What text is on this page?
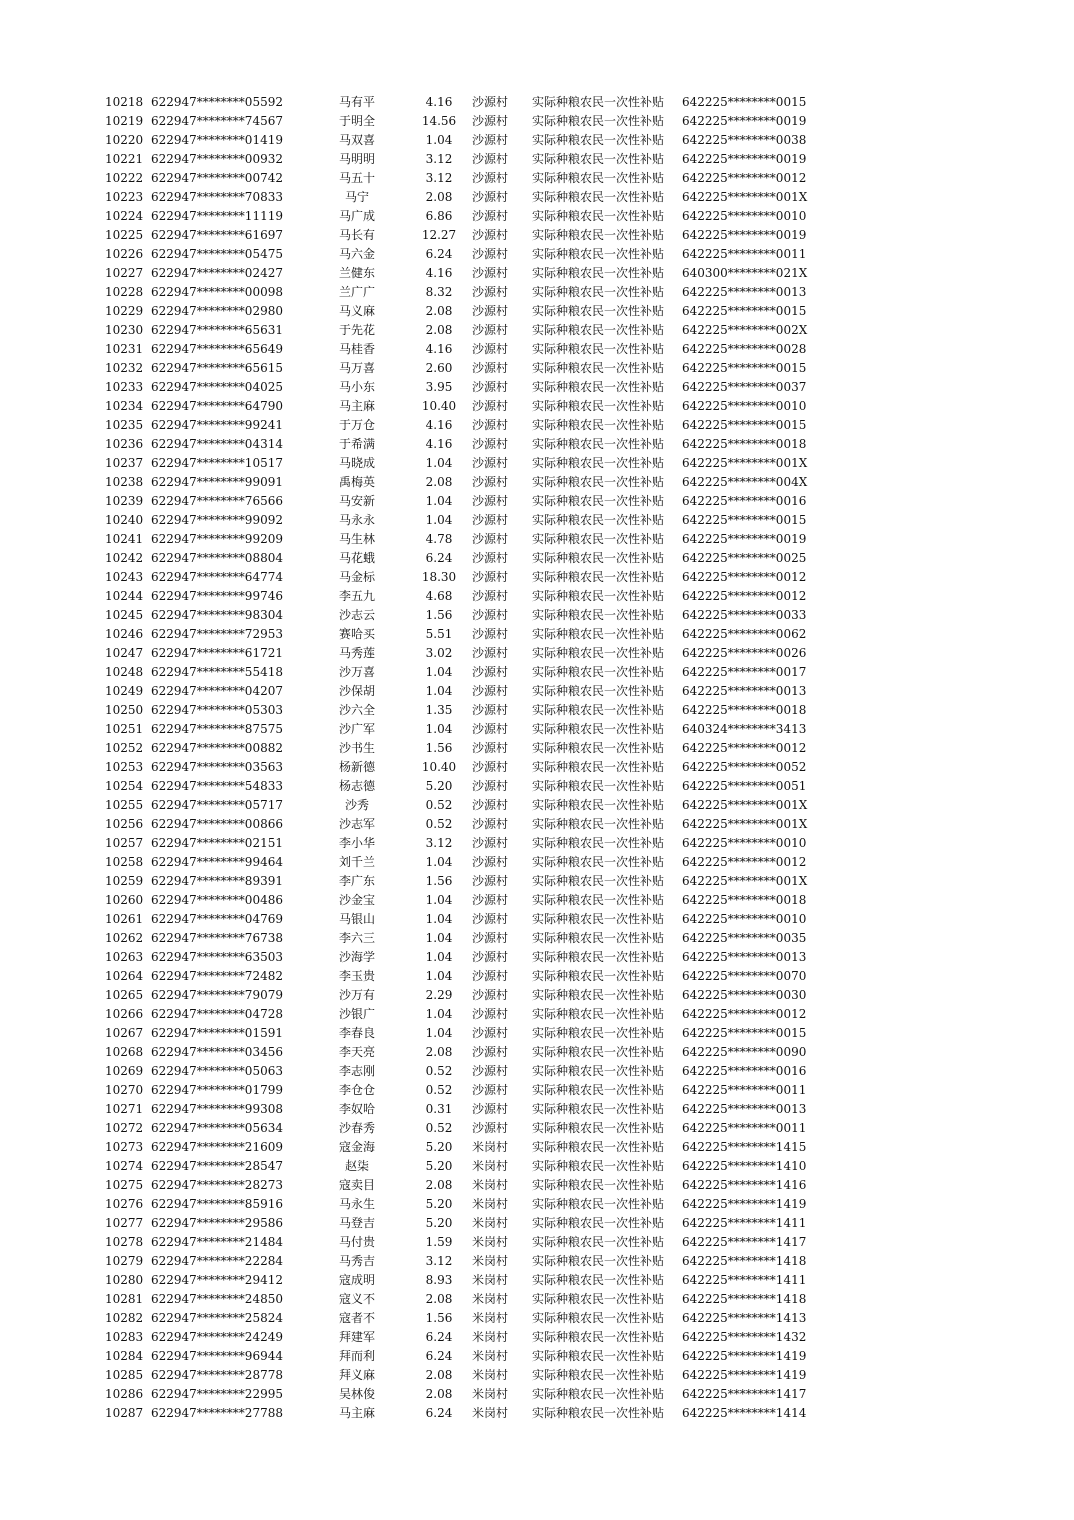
10218	622947********05592	马有平	4.16	沙源村	实际种粮农民一次性补贴	642225********0015
10219	622947********74567	于明全	14.56	沙源村	实际种粮农民一次性补贴	642225********0019
10220	622947********01419	马双喜	1.04	沙源村	实际种粮农民一次性补贴	642225********0038
10221	622947********00932	马明明	3.12	沙源村	实际种粮农民一次性补贴	642225********0019
10222	622947********00742	马五十	3.12	沙源村	实际种粮农民一次性补贴	642225********0012
10223	622947********70833	马宁	2.08	沙源村	实际种粮农民一次性补贴	642225********001X
10224	622947********11119	马广成	6.86	沙源村	实际种粮农民一次性补贴	642225********0010
10225	622947********61697	马长有	12.27	沙源村	实际种粮农民一次性补贴	642225********0019
10226	622947********05475	马六金	6.24	沙源村	实际种粮农民一次性补贴	642225********0011
10227	622947********02427	兰健东	4.16	沙源村	实际种粮农民一次性补贴	640300********021X
10228	622947********00098	兰广广	8.32	沙源村	实际种粮农民一次性补贴	642225********0013
10229	622947********02980	马义麻	2.08	沙源村	实际种粮农民一次性补贴	642225********0015
10230	622947********65631	于先花	2.08	沙源村	实际种粮农民一次性补贴	642225********002X
10231	622947********65649	马桂香	4.16	沙源村	实际种粮农民一次性补贴	642225********0028
10232	622947********65615	马万喜	2.60	沙源村	实际种粮农民一次性补贴	642225********0015
10233	622947********04025	马小东	3.95	沙源村	实际种粮农民一次性补贴	642225********0037
10234	622947********64790	马主麻	10.40	沙源村	实际种粮农民一次性补贴	642225********0010
10235	622947********99241	于万仓	4.16	沙源村	实际种粮农民一次性补贴	642225********0015
10236	622947********04314	于希满	4.16	沙源村	实际种粮农民一次性补贴	642225********0018
10237	622947********10517	马晓成	1.04	沙源村	实际种粮农民一次性补贴	642225********001X
10238	622947********99091	禹梅英	2.08	沙源村	实际种粮农民一次性补贴	642225********004X
10239	622947********76566	马安新	1.04	沙源村	实际种粮农民一次性补贴	642225********0016
10240	622947********99092	马永永	1.04	沙源村	实际种粮农民一次性补贴	642225********0015
10241	622947********99209	马生林	4.78	沙源村	实际种粮农民一次性补贴	642225********0019
10242	622947********08804	马花蛾	6.24	沙源村	实际种粮农民一次性补贴	642225********0025
10243	622947********64774	马金标	18.30	沙源村	实际种粮农民一次性补贴	642225********0012
10244	622947********99746	李五九	4.68	沙源村	实际种粮农民一次性补贴	642225********0012
10245	622947********98304	沙志云	1.56	沙源村	实际种粮农民一次性补贴	642225********0033
10246	622947********72953	赛哈买	5.51	沙源村	实际种粮农民一次性补贴	642225********0062
10247	622947********61721	马秀莲	3.02	沙源村	实际种粮农民一次性补贴	642225********0026
10248	622947********55418	沙万喜	1.04	沙源村	实际种粮农民一次性补贴	642225********0017
10249	622947********04207	沙保胡	1.04	沙源村	实际种粮农民一次性补贴	642225********0013
10250	622947********05303	沙六全	1.35	沙源村	实际种粮农民一次性补贴	642225********0018
10251	622947********87575	沙广军	1.04	沙源村	实际种粮农民一次性补贴	640324********3413
10252	622947********00882	沙书生	1.56	沙源村	实际种粮农民一次性补贴	642225********0012
10253	622947********03563	杨新德	10.40	沙源村	实际种粮农民一次性补贴	642225********0052
10254	622947********54833	杨志德	5.20	沙源村	实际种粮农民一次性补贴	642225********0051
10255	622947********05717	沙秀	0.52	沙源村	实际种粮农民一次性补贴	642225********001X
10256	622947********00866	沙志军	0.52	沙源村	实际种粮农民一次性补贴	642225********001X
10257	622947********02151	李小华	3.12	沙源村	实际种粮农民一次性补贴	642225********0010
10258	622947********99464	刘千兰	1.04	沙源村	实际种粮农民一次性补贴	642225********0012
10259	622947********89391	李广东	1.56	沙源村	实际种粮农民一次性补贴	642225********001X
10260	622947********00486	沙金宝	1.04	沙源村	实际种粮农民一次性补贴	642225********0018
10261	622947********04769	马银山	1.04	沙源村	实际种粮农民一次性补贴	642225********0010
10262	622947********76738	李六三	1.04	沙源村	实际种粮农民一次性补贴	642225********0035
10263	622947********63503	沙海学	1.04	沙源村	实际种粮农民一次性补贴	642225********0013
10264	622947********72482	李玉贵	1.04	沙源村	实际种粮农民一次性补贴	642225********0070
10265	622947********79079	沙万有	2.29	沙源村	实际种粮农民一次性补贴	642225********0030
10266	622947********04728	沙银广	1.04	沙源村	实际种粮农民一次性补贴	642225********0012
10267	622947********01591	李春良	1.04	沙源村	实际种粮农民一次性补贴	642225********0015
10268	622947********03456	李天亮	2.08	沙源村	实际种粮农民一次性补贴	642225********0090
10269	622947********05063	李志刚	0.52	沙源村	实际种粮农民一次性补贴	642225********0016
10270	622947********01799	李仓仓	0.52	沙源村	实际种粮农民一次性补贴	642225********0011
10271	622947********99308	李奴哈	0.31	沙源村	实际种粮农民一次性补贴	642225********0013
10272	622947********05634	沙春秀	0.52	沙源村	实际种粮农民一次性补贴	642225********0011
10273	622947********21609	寇金海	5.20	米岗村	实际种粮农民一次性补贴	642225********1415
10274	622947********28547	赵柒	5.20	米岗村	实际种粮农民一次性补贴	642225********1410
10275	622947********28273	寇卖目	2.08	米岗村	实际种粮农民一次性补贴	642225********1416
10276	622947********85916	马永生	5.20	米岗村	实际种粮农民一次性补贴	642225********1419
10277	622947********29586	马登吉	5.20	米岗村	实际种粮农民一次性补贴	642225********1411
10278	622947********21484	马付贵	1.59	米岗村	实际种粮农民一次性补贴	642225********1417
10279	622947********22284	马秀吉	3.12	米岗村	实际种粮农民一次性补贴	642225********1418
10280	622947********29412	寇成明	8.93	米岗村	实际种粮农民一次性补贴	642225********1411
10281	622947********24850	寇义不	2.08	米岗村	实际种粮农民一次性补贴	642225********1418
10282	622947********25824	寇者不	1.56	米岗村	实际种粮农民一次性补贴	642225********1413
10283	622947********24249	拜建军	6.24	米岗村	实际种粮农民一次性补贴	642225********1432
10284	622947********96944	拜而利	6.24	米岗村	实际种粮农民一次性补贴	642225********1419
10285	622947********28778	拜义麻	2.08	米岗村	实际种粮农民一次性补贴	642225********1419
10286	622947********22995	吴林俊	2.08	米岗村	实际种粮农民一次性补贴	642225********1417
10287	622947********27788	马主麻	6.24	米岗村	实际种粮农民一次性补贴	642225********1414
